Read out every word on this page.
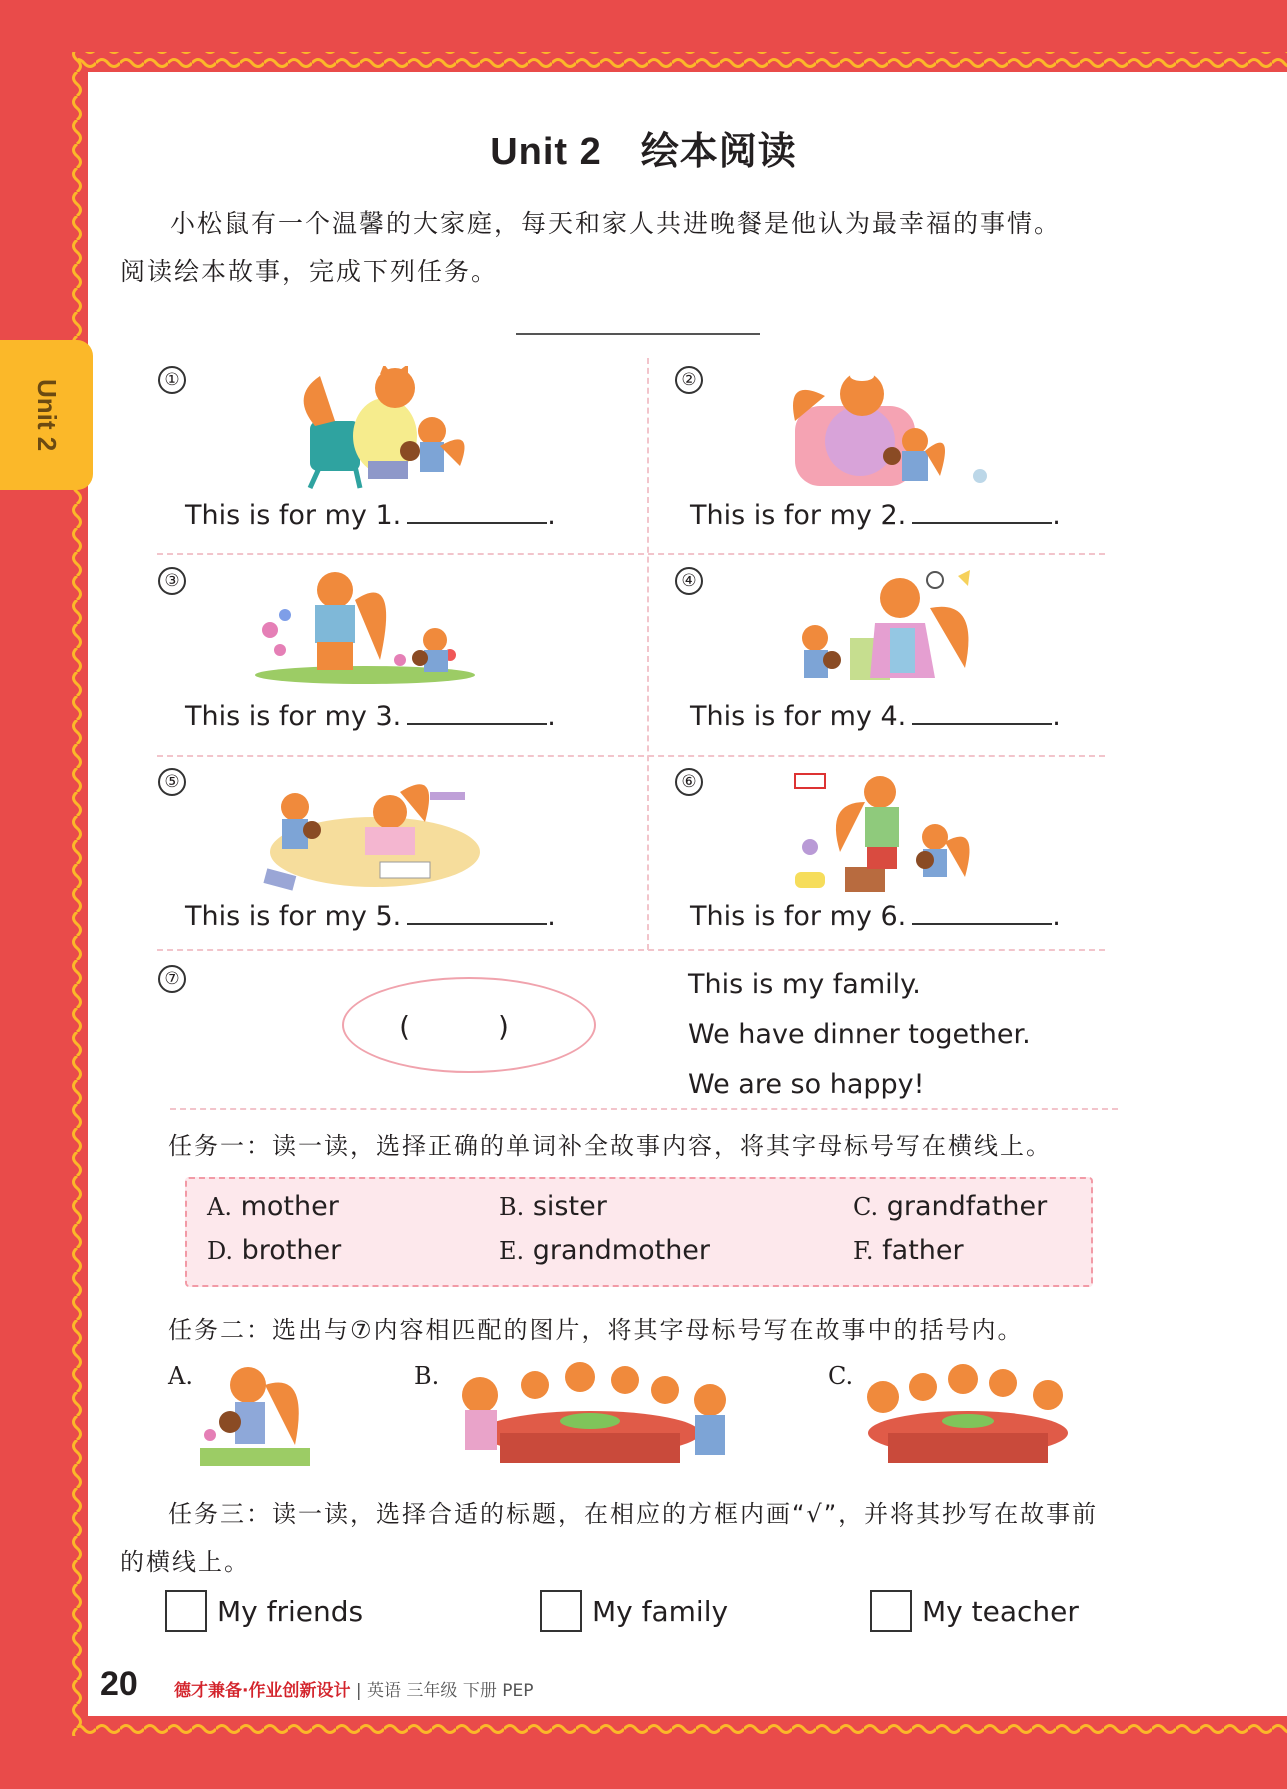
Unit 2
Unit 2　绘本阅读
小松鼠有一个温馨的大家庭，每天和家人共进晚餐是他认为最幸福的事情。
阅读绘本故事，完成下列任务。
①
This is for my 1.	.
②
This is for my 2.	.
③
This is for my 3.	.
④
This is for my 4.	.
⑤
This is for my 5.	.
⑥
This is for my 6.	.
⑦
(　)
This is my family.
We have dinner together.
We are so happy!
任务一：读一读，选择正确的单词补全故事内容，将其字母标号写在横线上。
A. mother	B. sister	C. grandfather
D. brother	E. grandmother	F. father
任务二：选出与⑦内容相匹配的图片，将其字母标号写在故事中的括号内。
A.	B.	C.
任务三：读一读，选择合适的标题，在相应的方框内画“√”，并将其抄写在故事前
的横线上。
My friends	My family	My teacher
20 德才兼备·作业创新设计 | 英语 三年级 下册 PEP
